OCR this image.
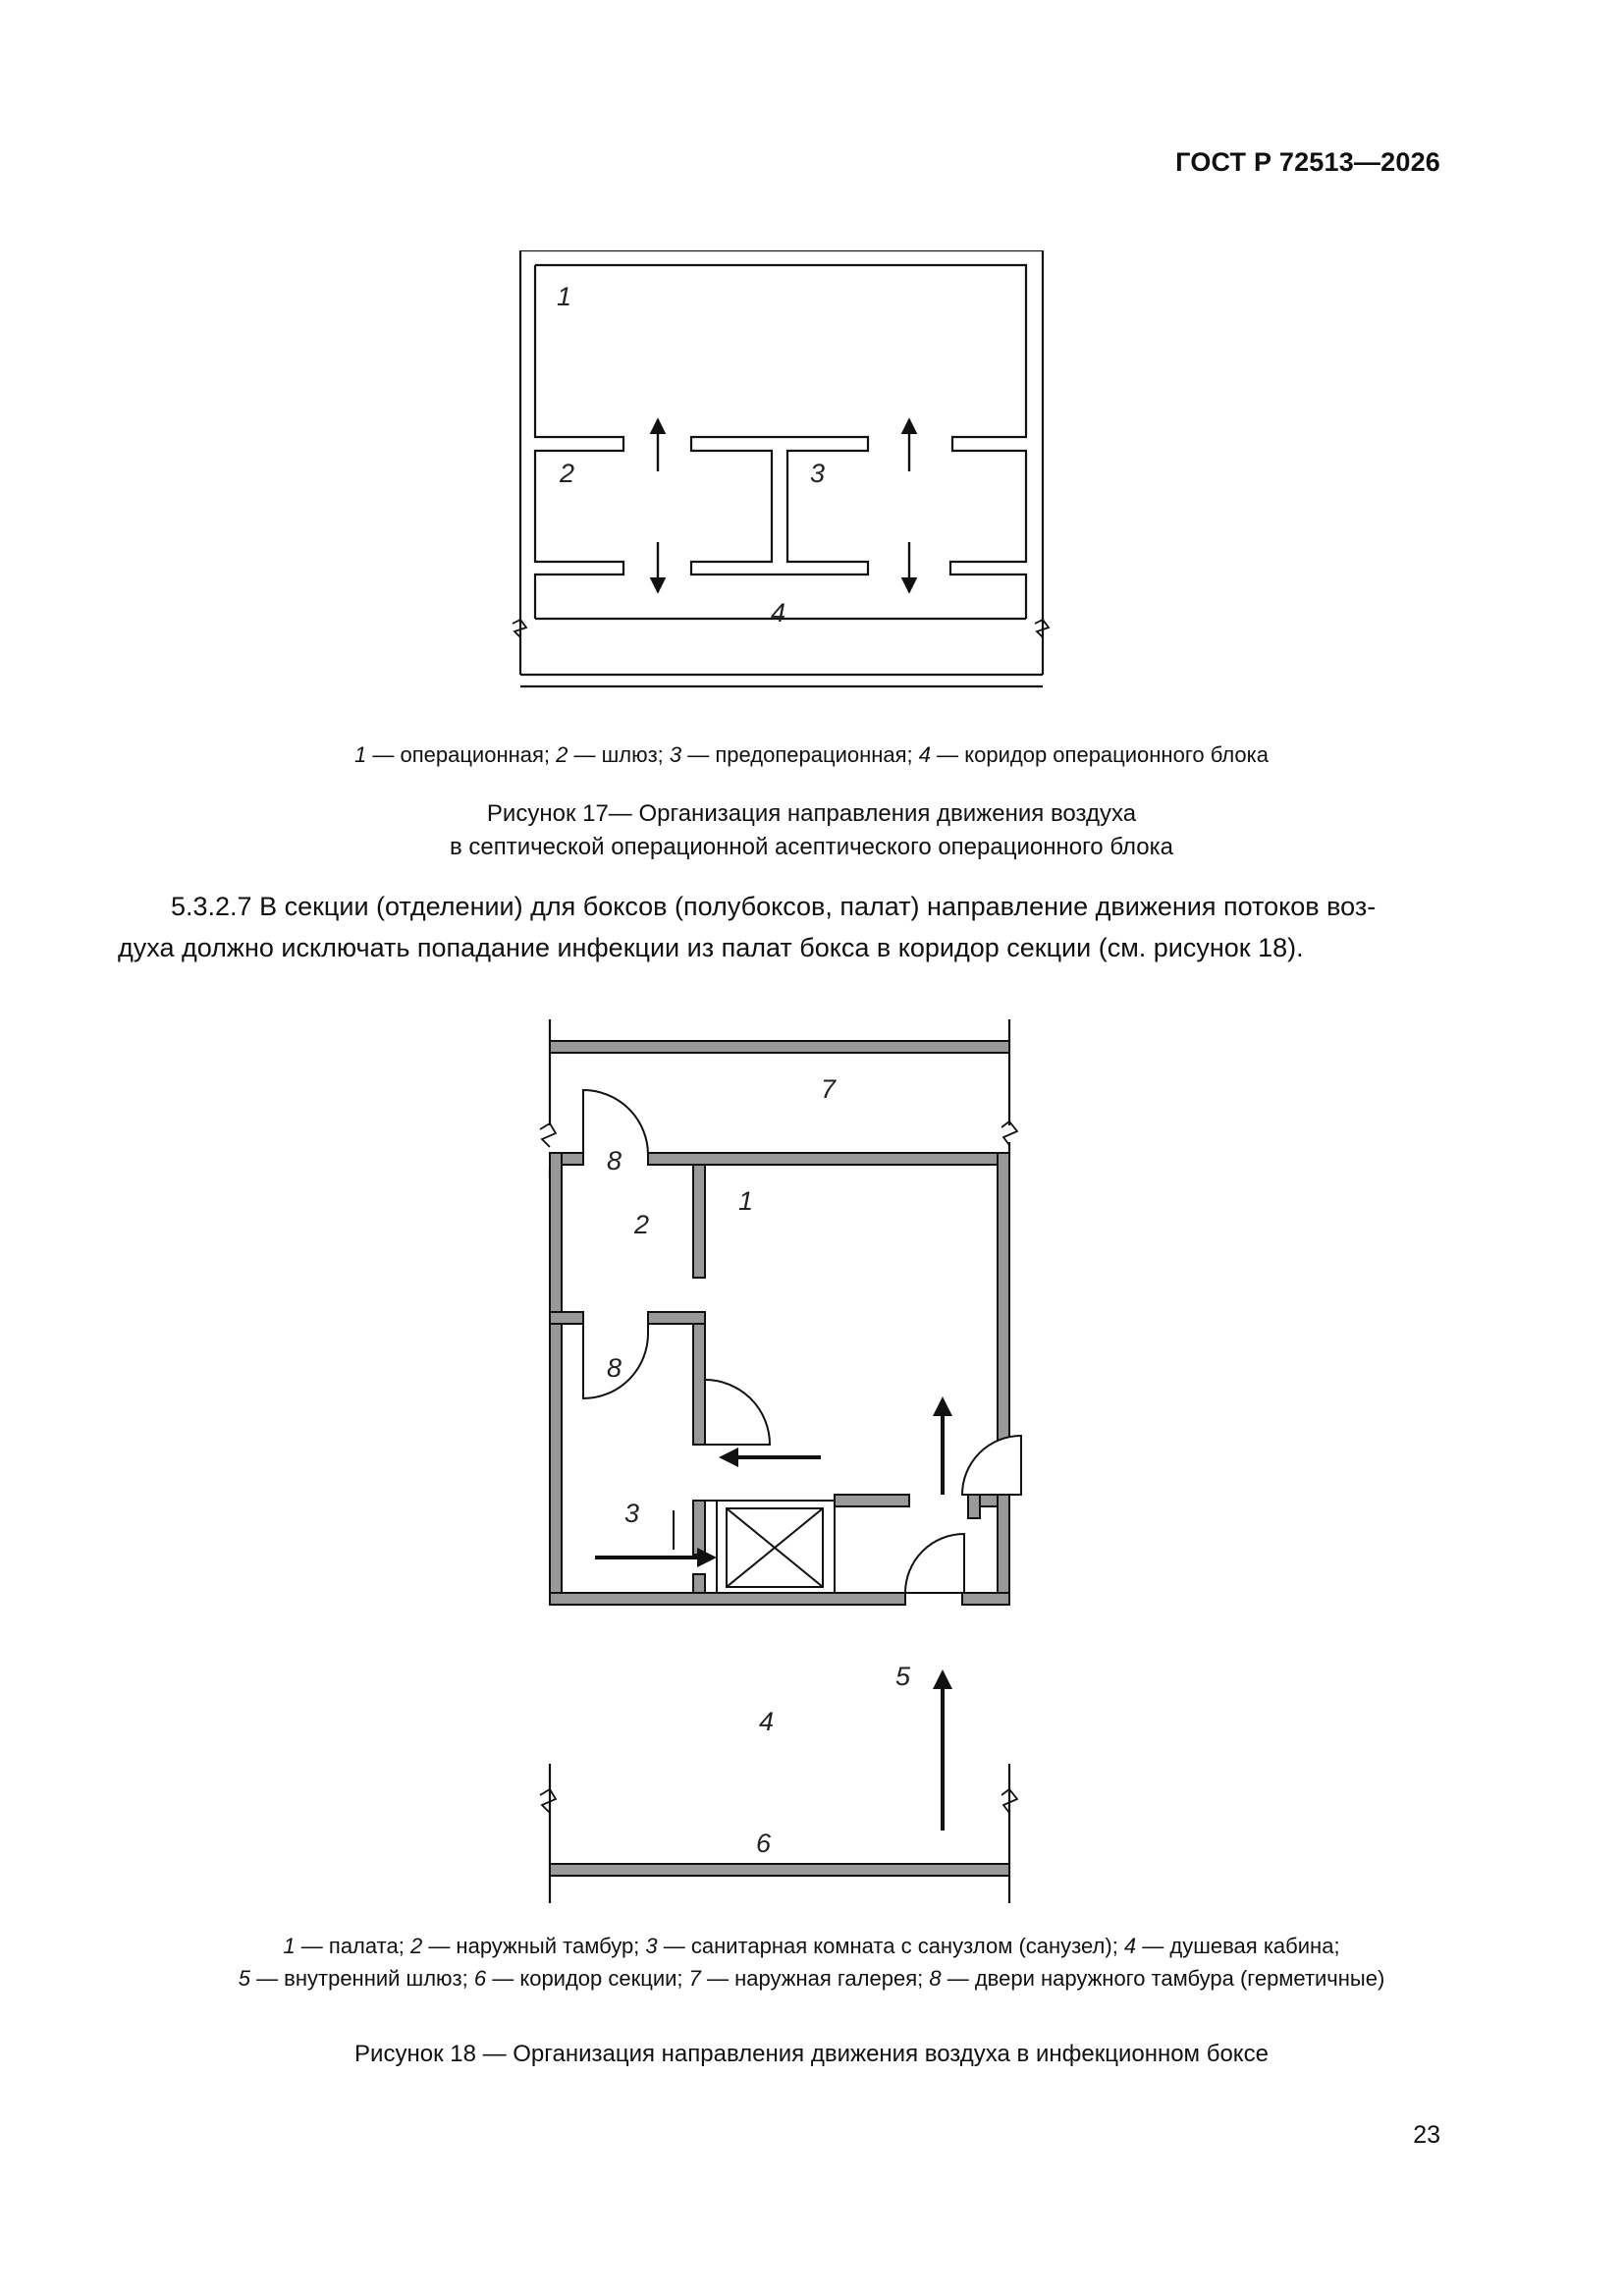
ГОСТ Р 72513—2026
1
2	3
4
1 — операционная; 2 — шлюз; 3 — предоперационная; 4 — коридор операционного блока
Рисунок 17— Организация направления движения воздуха
в септической операционной асептического операционного блока
5.3.2.7 В секции (отделении) для боксов (полубоксов, палат) направление движения потоков воз-
духа должно исключать попадание инфекции из палат бокса в коридор секции (см. рисунок 18).
8
2
1
8
3
4
5
6
7
1 — палата; 2 — наружный тамбур; 3 — санитарная комната с санузлом (санузел); 4 — душевая кабина;
5 — внутренний шлюз; 6 — коридор секции; 7 — наружная галерея; 8 — двери наружного тамбура (герметичные)
Рисунок 18 — Организация направления движения воздуха в инфекционном боксе
23
